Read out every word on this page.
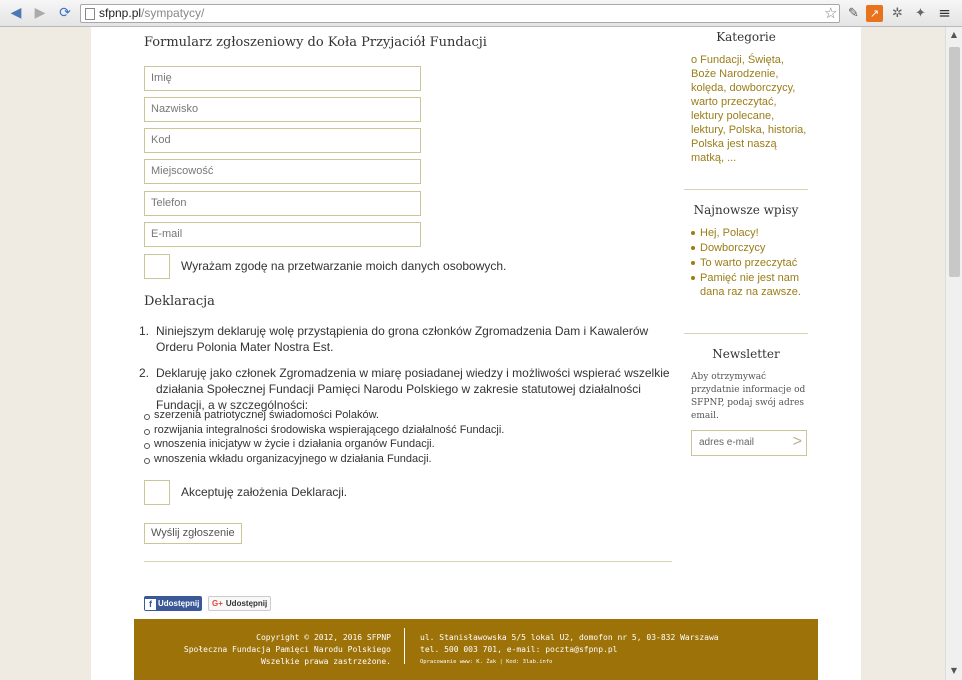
◀ ▶ ⟳	sfpnp.pl/sympatycy/	☆ ✎ ↗ ✲ ✦ ≡
▲
▼
Formularz zgłoszeniowy do Koła Przyjaciół Fundacji
Imię
Nazwisko
Kod
Miejscowość
Telefon
E-mail
Wyrażam zgodę na przetwarzanie moich danych osobowych.
Deklaracja
1. Niniejszym deklaruję wolę przystąpienia do grona członków Zgromadzenia Dam i Kawalerów Orderu Polonia Mater Nostra Est.
2. Deklaruję jako członek Zgromadzenia w miarę posiadanej wiedzy i możliwości wspierać wszelkie działania Społecznej Fundacji Pamięci Narodu Polskiego w zakresie statutowej działalności Fundacji, a w szczególności:
szerzenia patriotycznej świadomości Polaków.
rozwijania integralności środowiska wspierającego działalność Fundacji.
wnoszenia inicjatyw w życie i działania organów Fundacji.
wnoszenia wkładu organizacyjnego w działania Fundacji.
Akceptuję założenia Deklaracji.
Wyślij zgłoszenie
f Udostępnij	G+ Udostępnij
Kategorie
o Fundacji, Święta, Boże Narodzenie, kolęda, dowborczycy, warto przeczytać, lektury polecane, lektury, Polska, historia, Polska jest naszą matką, ...
Najnowsze wpisy
Hej, Polacy!
Dowborczycy
To warto przeczytać
Pamięć nie jest nam dana raz na zawsze.
Newsletter
Aby otrzymywać przydatnie informacje od SFPNP, podaj swój adres email.
adres e-mail >
Copyright © 2012, 2016 SFPNP
Społeczna Fundacja Pamięci Narodu Polskiego
Wszelkie prawa zastrzeżone.
ul. Stanisławowska 5/5 lokal U2, domofon nr 5, 03-832 Warszawa
tel. 500 003 701, e-mail: poczta@sfpnp.pl
Opracowanie www: K. Żak | Kod: 3lab.info
